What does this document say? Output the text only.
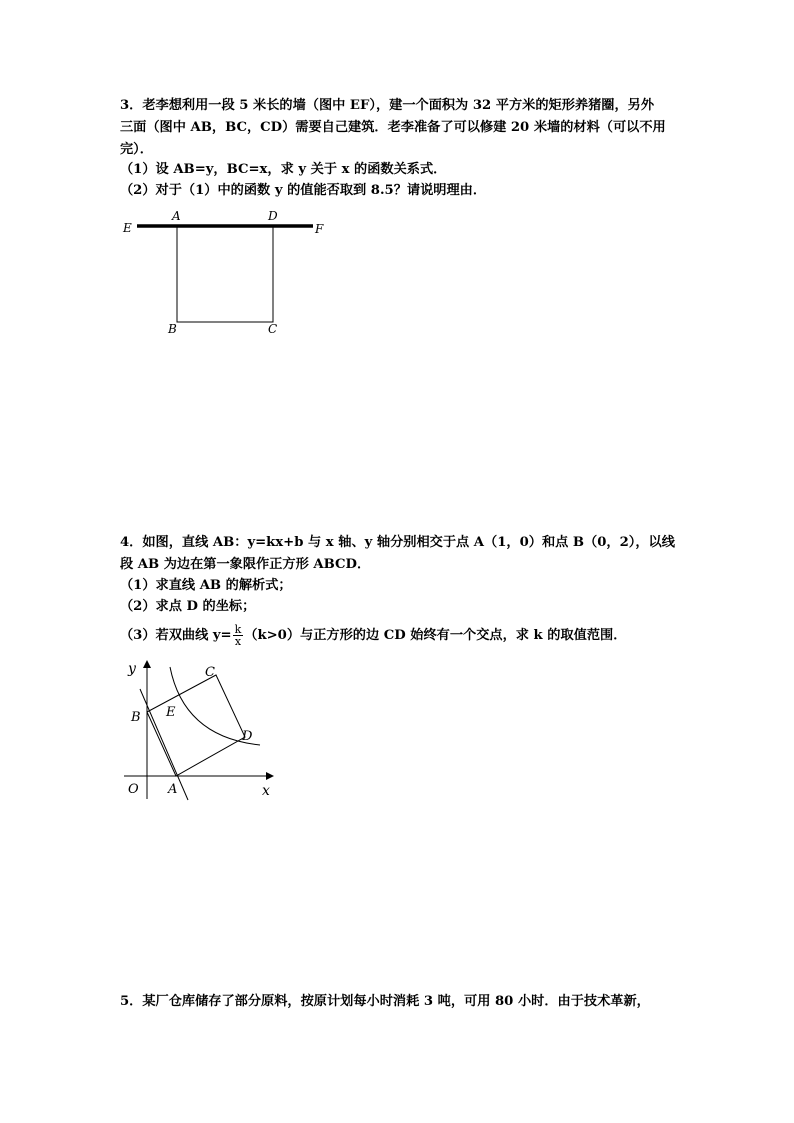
3．老李想利用一段 5 米长的墙（图中 EF），建一个面积为 32 平方米的矩形养猪圈，另外
三面（图中 AB，BC，CD）需要自己建筑．老李准备了可以修建 20 米墙的材料（可以不用
完）．
（1）设 AB=y，BC=x，求 y 关于 x 的函数关系式．
（2）对于（1）中的函数 y 的值能否取到 8.5？请说明理由．
E
A	D
F
B	C
4．如图，直线 AB：y=kx+b 与 x 轴、y 轴分别相交于点 A（1，0）和点 B（0，2），以线
段 AB 为边在第一象限作正方形 ABCD．
（1）求直线 AB 的解析式；
（2）求点 D 的坐标；
（3）若双曲线 $y= \frac{k}{x} (k>0)$与正方形的边 CD 始终有一个交点，求 k 的取值范围．
y
x
O A
B
C
D
E
5．某厂仓库储存了部分原料，按原计划每小时消耗 3 吨，可用 80 小时．由于技术革新，
